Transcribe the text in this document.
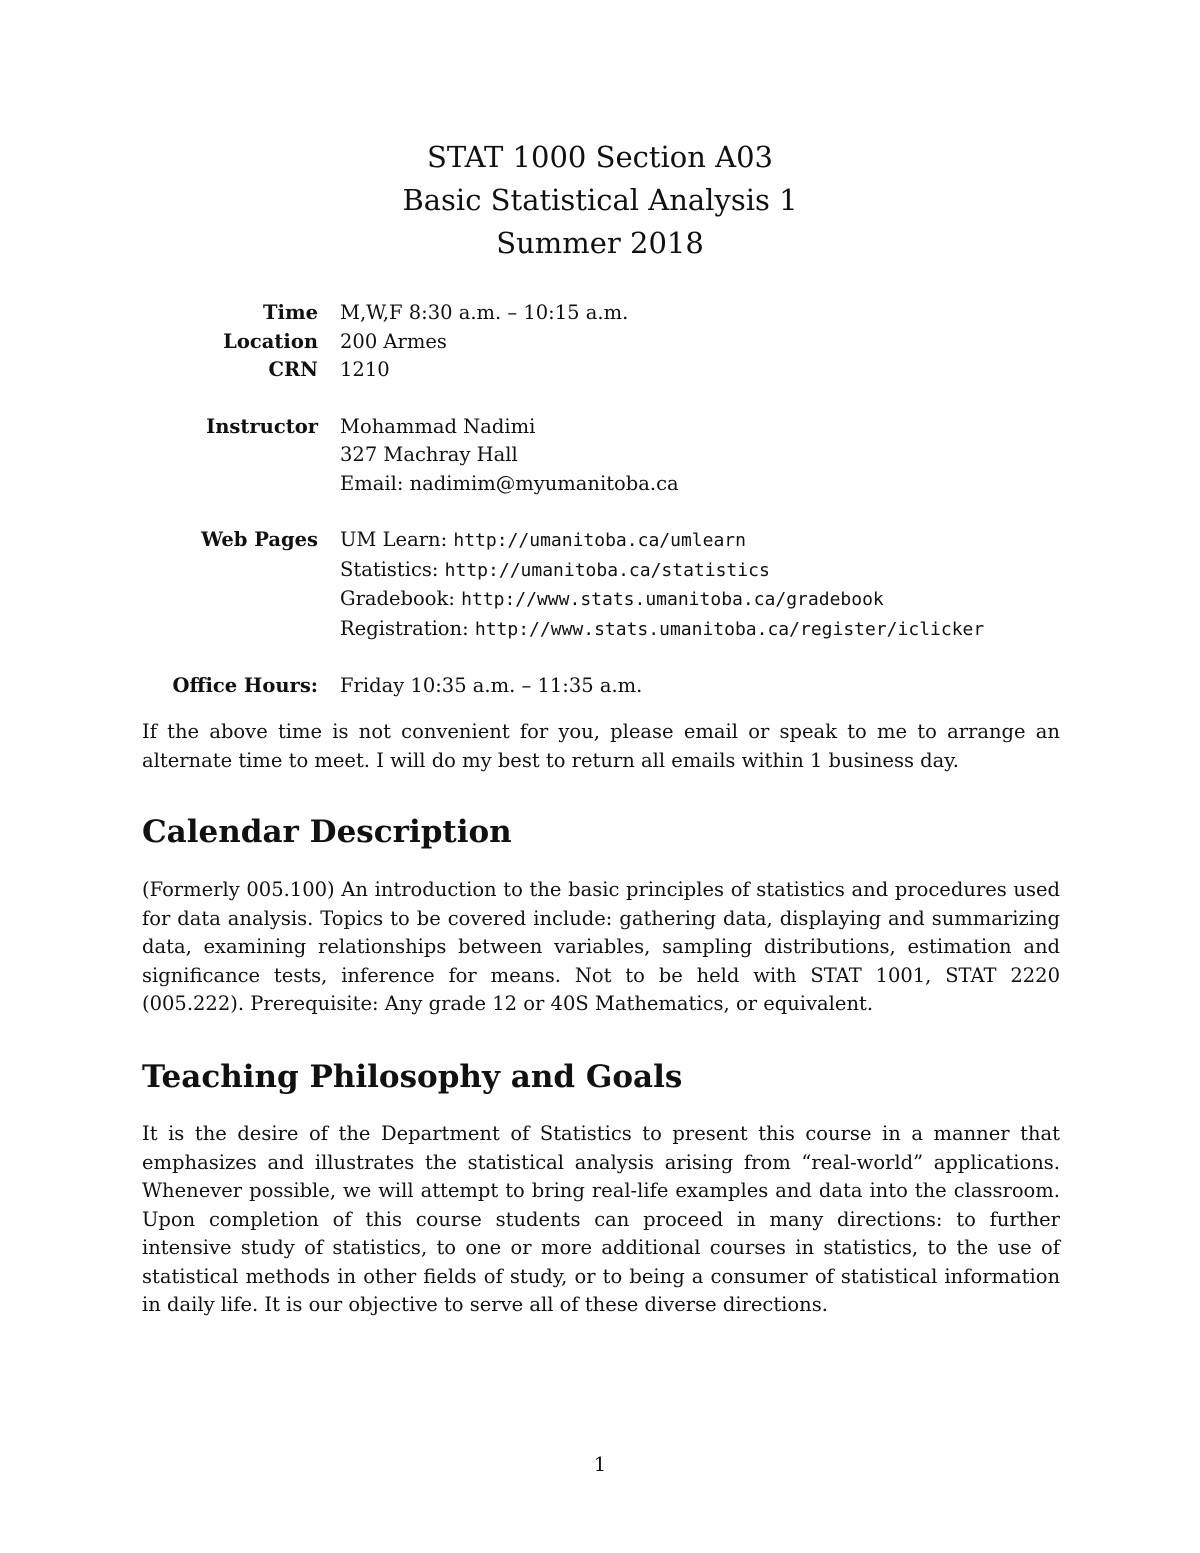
STAT 1000 Section A03
Basic Statistical Analysis 1
Summer 2018
Time	M,W,F 8:30 a.m. – 10:15 a.m.
Location	200 Armes
CRN	1210
Instructor	Mohammad Nadimi
327 Machray Hall
Email: nadimim@myumanitoba.ca
Web Pages	UM Learn: http://umanitoba.ca/umlearn
Statistics: http://umanitoba.ca/statistics
Gradebook: http://www.stats.umanitoba.ca/gradebook
Registration: http://www.stats.umanitoba.ca/register/iclicker
Office Hours:	Friday 10:35 a.m. – 11:35 a.m.

If the above time is not convenient for you, please email or speak to me to arrange an alternate time to meet. I will do my best to return all emails within 1 business day.

Calendar Description

(Formerly 005.100) An introduction to the basic principles of statistics and procedures used for data analysis. Topics to be covered include: gathering data, displaying and summarizing data, examining relationships between variables, sampling distributions, estimation and significance tests, inference for means. Not to be held with STAT 1001, STAT 2220 (005.222). Prerequisite: Any grade 12 or 40S Mathematics, or equivalent.

Teaching Philosophy and Goals

It is the desire of the Department of Statistics to present this course in a manner that emphasizes and illustrates the statistical analysis arising from “real-world” applications. Whenever possible, we will attempt to bring real-life examples and data into the classroom. Upon completion of this course students can proceed in many directions: to further intensive study of statistics, to one or more additional courses in statistics, to the use of statistical methods in other fields of study, or to being a consumer of statistical information in daily life. It is our objective to serve all of these diverse directions.

1
